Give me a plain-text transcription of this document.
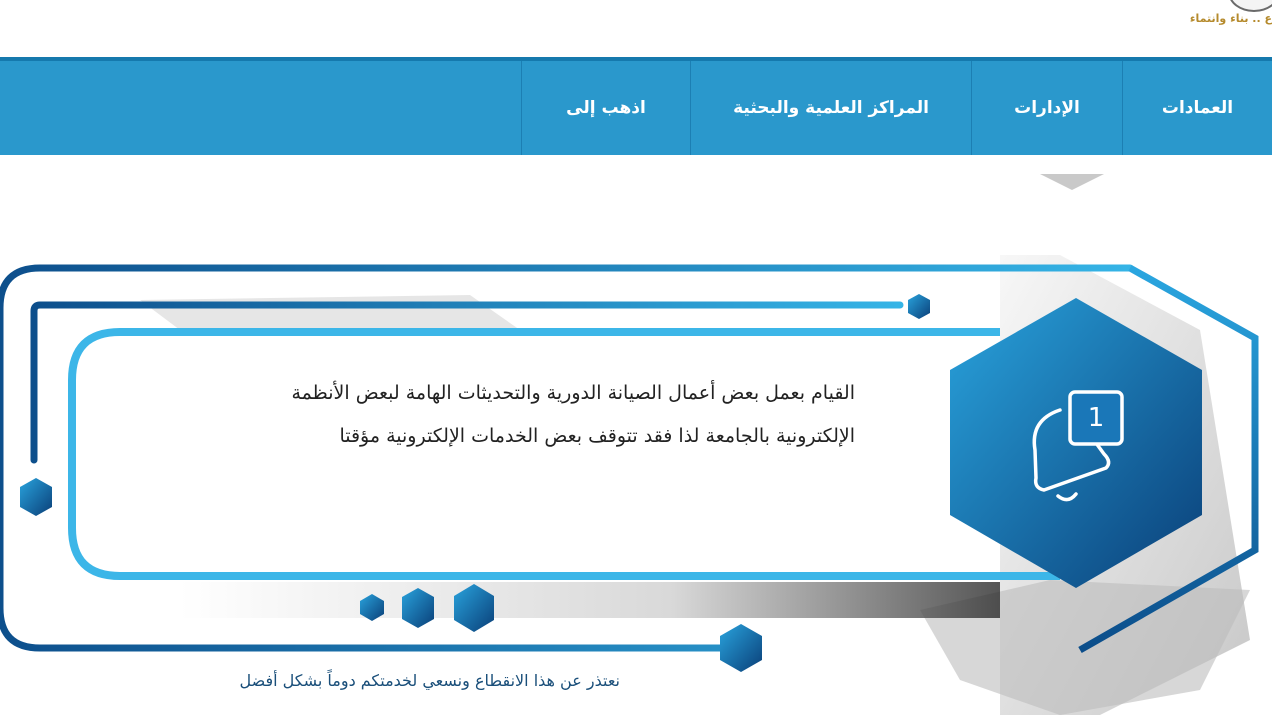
ع .. بناء وانتماء
العمادات
الإدارات
المراكز العلمية والبحثية
اذهب إلى
1
القيام بعمل بعض أعمال الصيانة الدورية والتحديثات الهامة لبعض الأنظمة
الإلكترونية بالجامعة لذا فقد تتوقف بعض الخدمات الإلكترونية مؤقتا
نعتذر عن هذا الانقطاع ونسعي لخدمتكم دوماً بشكل أفضل
